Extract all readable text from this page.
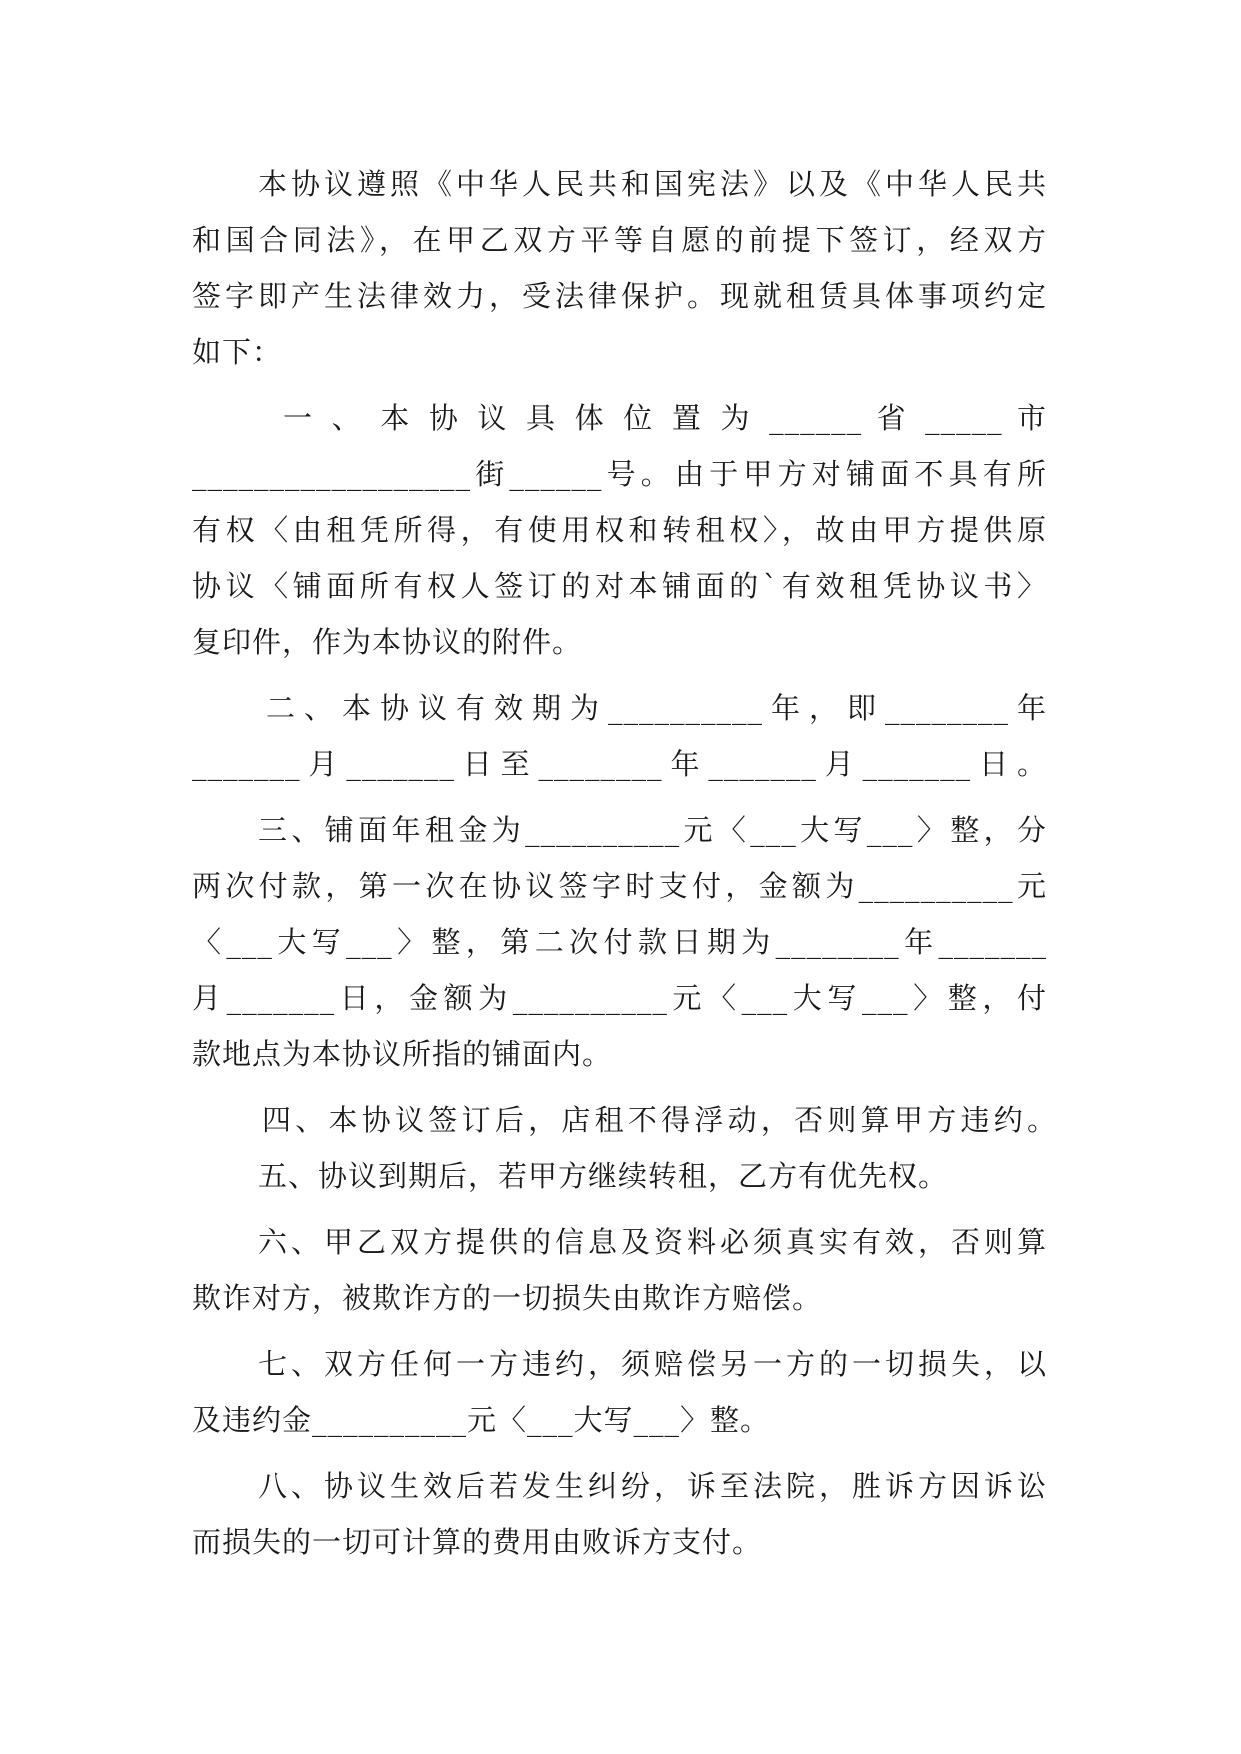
本协议遵照《中华人民共和国宪法》以及《中华人民共
和国合同法》，在甲乙双方平等自愿的前提下签订，经双方
签字即产生法律效力，受法律保护。现就租赁具体事项约定
如下：
一 、 本 协 议 具 体 位 置 为 ______ 省 _____ 市
__________________街______号。由于甲方对铺面不具有所
有权〈由租凭所得，有使用权和转租权〉，故由甲方提供原
协议〈铺面所有权人签订的对本铺面的`有效租凭协议书〉
复印件，作为本协议的附件。
二、本协议有效期为__________年，即________年
_______月_______日至________年_______月_______日。
三、铺面年租金为__________元〈___大写___〉整，分
两次付款，第一次在协议签字时支付，金额为__________元
〈___大写___〉整，第二次付款日期为________年_______
月_______日，金额为__________元〈___大写___〉整，付
款地点为本协议所指的铺面内。
四、本协议签订后，店租不得浮动，否则算甲方违约。
五、协议到期后，若甲方继续转租，乙方有优先权。
六、甲乙双方提供的信息及资料必须真实有效，否则算
欺诈对方，被欺诈方的一切损失由欺诈方赔偿。
七、双方任何一方违约，须赔偿另一方的一切损失，以
及违约金__________元〈___大写___〉整。
八、协议生效后若发生纠纷，诉至法院，胜诉方因诉讼
而损失的一切可计算的费用由败诉方支付。
